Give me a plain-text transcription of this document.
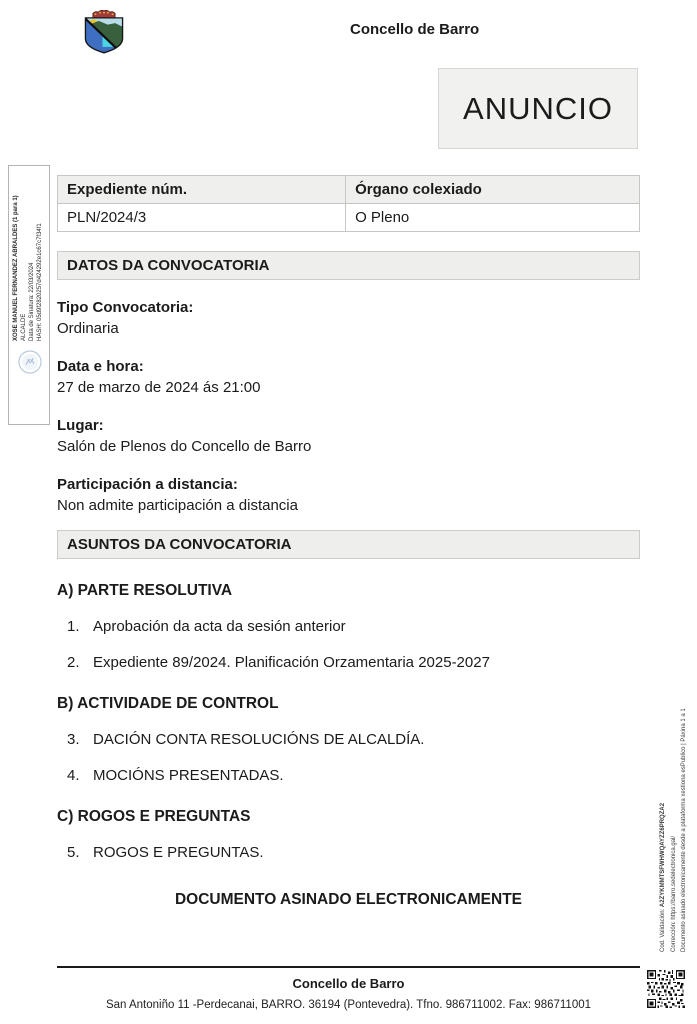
Concello de Barro
ANUNCIO
XOSE MANUEL FERNANDEZ ABRALDES (1 para 1) ALCALDE Data de Sinatura: 22/03/2024 HASH: 05d9f2820257d424292e1c67c7f34f1
Expediente núm.	Órgano colexiado
PLN/2024/3	O Pleno
DATOS DA CONVOCATORIA
Tipo Convocatoria:
Ordinaria
Data e hora:
27 de marzo de 2024 ás 21:00
Lugar:
Salón de Plenos do Concello de Barro
Participación a distancia:
Non admite participación a distancia
ASUNTOS DA CONVOCATORIA
A) PARTE RESOLUTIVA
1. Aprobación da acta da sesión anterior
2. Expediente 89/2024. Planificación Orzamentaria 2025-2027
B) ACTIVIDADE DE CONTROL
3. DACIÓN CONTA RESOLUCIÓNS DE ALCALDÍA.
4. MOCIÓNS PRESENTADAS.
C) ROGOS E PREGUNTAS
5. ROGOS E PREGUNTAS.
DOCUMENTO ASINADO ELECTRONICAMENTE
Concello de Barro
San Antoniño 11 -Perdecanai, BARRO. 36194 (Pontevedra). Tfno. 986711002. Fax: 986711001
Cod. Validación: A2ZYKMMTSFWHWQAYZZ6PRQZA2 Corrección: https://barro.sedelectronica.gal/ Documento asinado electronicamente desde a plataforma xestiona esPublico | Páxina 1 a 1
